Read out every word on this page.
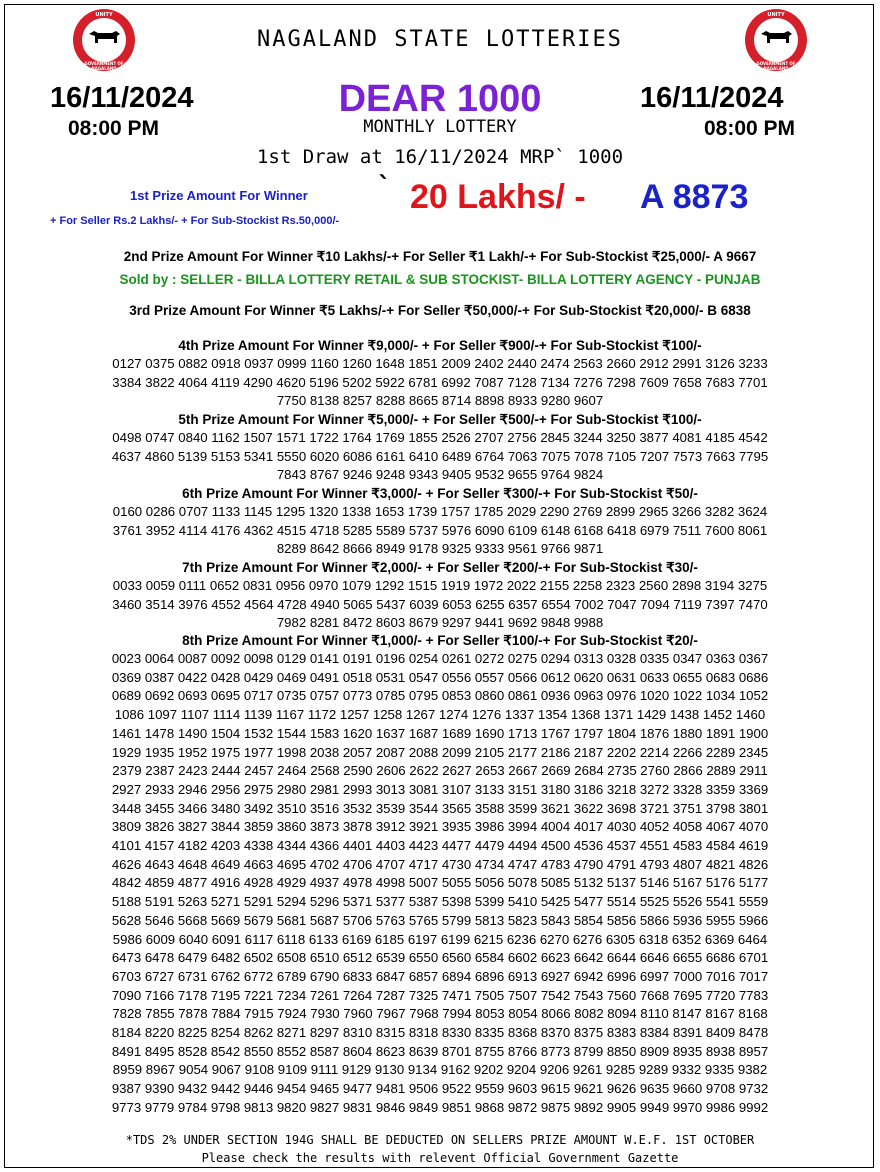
UNITY
GOVERNMENT OF NAGALAND
UNITY
GOVERNMENT OF NAGALAND
NAGALAND STATE LOTTERIES
16/11/2024
08:00 PM
16/11/2024
08:00 PM
DEAR 1000
MONTHLY LOTTERY
1st Draw at 16/11/2024 MRP` 1000
1st Prize Amount For Winner
+ For Seller Rs.2 Lakhs/- + For Sub-Stockist Rs.50,000/-
` 20 Lakhs/ - A 8873
2nd Prize Amount For Winner ₹10 Lakhs/-+ For Seller ₹1 Lakh/-+ For Sub-Stockist ₹25,000/- A 9667
Sold by : SELLER - BILLA LOTTERY RETAIL & SUB STOCKIST- BILLA LOTTERY AGENCY - PUNJAB
3rd Prize Amount For Winner ₹5 Lakhs/-+ For Seller ₹50,000/-+ For Sub-Stockist ₹20,000/- B 6838
4th Prize Amount For Winner ₹9,000/- + For Seller ₹900/-+ For Sub-Stockist ₹100/-
0127 0375 0882 0918 0937 0999 1160 1260 1648 1851 2009 2402 2440 2474 2563 2660 2912 2991 3126 3233
3384 3822 4064 4119 4290 4620 5196 5202 5922 6781 6992 7087 7128 7134 7276 7298 7609 7658 7683 7701
7750 8138 8257 8288 8665 8714 8898 8933 9280 9607
5th Prize Amount For Winner ₹5,000/- + For Seller ₹500/-+ For Sub-Stockist ₹100/-
0498 0747 0840 1162 1507 1571 1722 1764 1769 1855 2526 2707 2756 2845 3244 3250 3877 4081 4185 4542
4637 4860 5139 5153 5341 5550 6020 6086 6161 6410 6489 6764 7063 7075 7078 7105 7207 7573 7663 7795
7843 8767 9246 9248 9343 9405 9532 9655 9764 9824
6th Prize Amount For Winner ₹3,000/- + For Seller ₹300/-+ For Sub-Stockist ₹50/-
0160 0286 0707 1133 1145 1295 1320 1338 1653 1739 1757 1785 2029 2290 2769 2899 2965 3266 3282 3624
3761 3952 4114 4176 4362 4515 4718 5285 5589 5737 5976 6090 6109 6148 6168 6418 6979 7511 7600 8061
8289 8642 8666 8949 9178 9325 9333 9561 9766 9871
7th Prize Amount For Winner ₹2,000/- + For Seller ₹200/-+ For Sub-Stockist ₹30/-
0033 0059 0111 0652 0831 0956 0970 1079 1292 1515 1919 1972 2022 2155 2258 2323 2560 2898 3194 3275
3460 3514 3976 4552 4564 4728 4940 5065 5437 6039 6053 6255 6357 6554 7002 7047 7094 7119 7397 7470
7982 8281 8472 8603 8679 9297 9441 9692 9848 9988
8th Prize Amount For Winner ₹1,000/- + For Seller ₹100/-+ For Sub-Stockist ₹20/-
0023 0064 0087 0092 0098 0129 0141 0191 0196 0254 0261 0272 0275 0294 0313 0328 0335 0347 0363 0367
0369 0387 0422 0428 0429 0469 0491 0518 0531 0547 0556 0557 0566 0612 0620 0631 0633 0655 0683 0686
0689 0692 0693 0695 0717 0735 0757 0773 0785 0795 0853 0860 0861 0936 0963 0976 1020 1022 1034 1052
1086 1097 1107 1114 1139 1167 1172 1257 1258 1267 1274 1276 1337 1354 1368 1371 1429 1438 1452 1460
1461 1478 1490 1504 1532 1544 1583 1620 1637 1687 1689 1690 1713 1767 1797 1804 1876 1880 1891 1900
1929 1935 1952 1975 1977 1998 2038 2057 2087 2088 2099 2105 2177 2186 2187 2202 2214 2266 2289 2345
2379 2387 2423 2444 2457 2464 2568 2590 2606 2622 2627 2653 2667 2669 2684 2735 2760 2866 2889 2911
2927 2933 2946 2956 2975 2980 2981 2993 3013 3081 3107 3133 3151 3180 3186 3218 3272 3328 3359 3369
3448 3455 3466 3480 3492 3510 3516 3532 3539 3544 3565 3588 3599 3621 3622 3698 3721 3751 3798 3801
3809 3826 3827 3844 3859 3860 3873 3878 3912 3921 3935 3986 3994 4004 4017 4030 4052 4058 4067 4070
4101 4157 4182 4203 4338 4344 4366 4401 4403 4423 4477 4479 4494 4500 4536 4537 4551 4583 4584 4619
4626 4643 4648 4649 4663 4695 4702 4706 4707 4717 4730 4734 4747 4783 4790 4791 4793 4807 4821 4826
4842 4859 4877 4916 4928 4929 4937 4978 4998 5007 5055 5056 5078 5085 5132 5137 5146 5167 5176 5177
5188 5191 5263 5271 5291 5294 5296 5371 5377 5387 5398 5399 5410 5425 5477 5514 5525 5526 5541 5559
5628 5646 5668 5669 5679 5681 5687 5706 5763 5765 5799 5813 5823 5843 5854 5856 5866 5936 5955 5966
5986 6009 6040 6091 6117 6118 6133 6169 6185 6197 6199 6215 6236 6270 6276 6305 6318 6352 6369 6464
6473 6478 6479 6482 6502 6508 6510 6512 6539 6550 6560 6584 6602 6623 6642 6644 6646 6655 6686 6701
6703 6727 6731 6762 6772 6789 6790 6833 6847 6857 6894 6896 6913 6927 6942 6996 6997 7000 7016 7017
7090 7166 7178 7195 7221 7234 7261 7264 7287 7325 7471 7505 7507 7542 7543 7560 7668 7695 7720 7783
7828 7855 7878 7884 7915 7924 7930 7960 7967 7968 7994 8053 8054 8066 8082 8094 8110 8147 8167 8168
8184 8220 8225 8254 8262 8271 8297 8310 8315 8318 8330 8335 8368 8370 8375 8383 8384 8391 8409 8478
8491 8495 8528 8542 8550 8552 8587 8604 8623 8639 8701 8755 8766 8773 8799 8850 8909 8935 8938 8957
8959 8967 9054 9067 9108 9109 9111 9129 9130 9134 9162 9202 9204 9206 9261 9285 9289 9332 9335 9382
9387 9390 9432 9442 9446 9454 9465 9477 9481 9506 9522 9559 9603 9615 9621 9626 9635 9660 9708 9732
9773 9779 9784 9798 9813 9820 9827 9831 9846 9849 9851 9868 9872 9875 9892 9905 9949 9970 9986 9992
*TDS 2% UNDER SECTION 194G SHALL BE DEDUCTED ON SELLERS PRIZE AMOUNT W.E.F. 1ST OCTOBER
Please check the results with relevent Official Government Gazette
